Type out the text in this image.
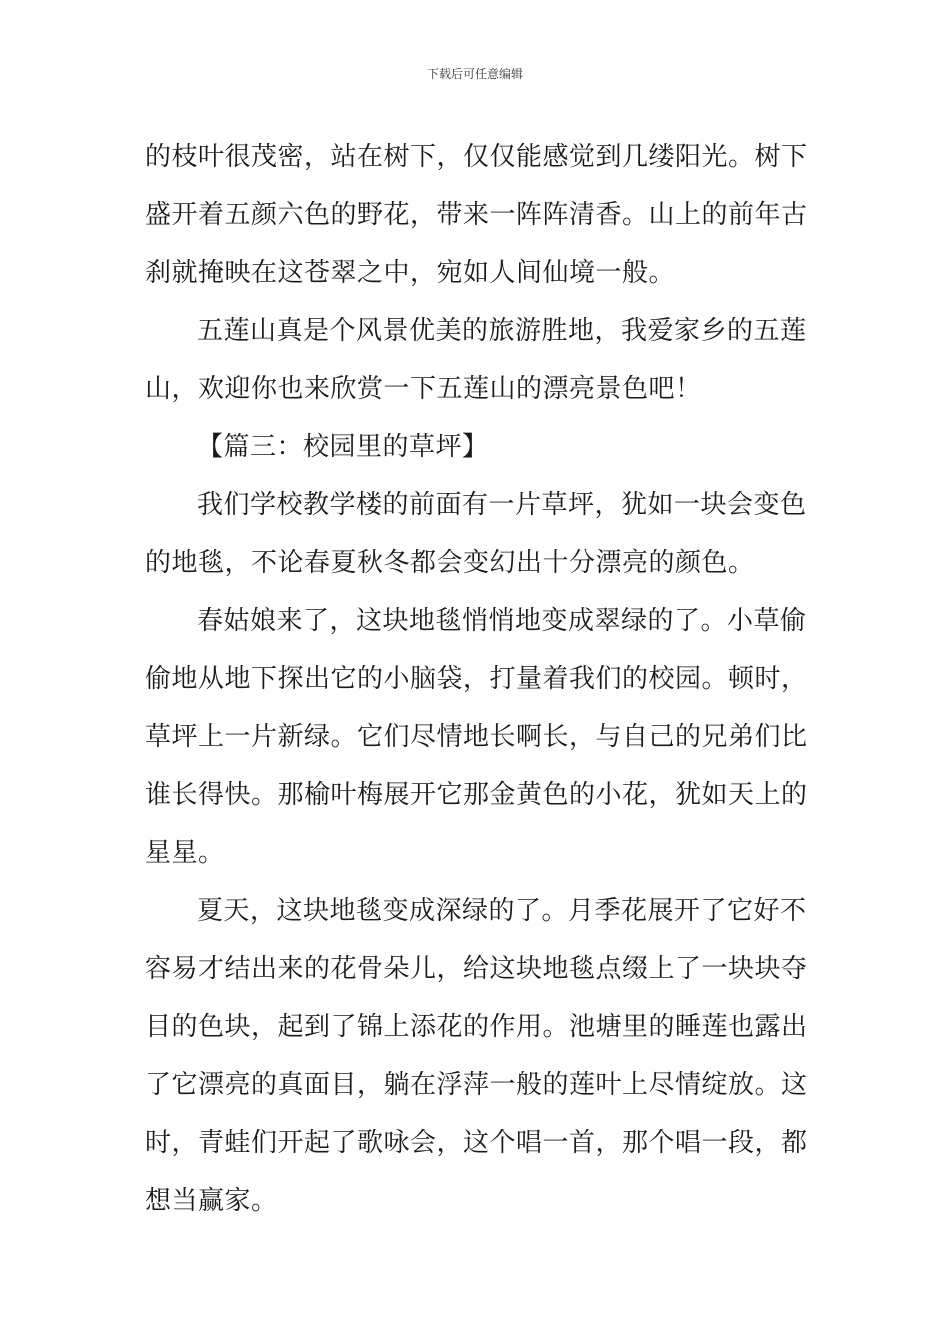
下载后可任意编辑
的枝叶很茂密，站在树下，仅仅能感觉到几缕阳光。树下
盛开着五颜六色的野花，带来一阵阵清香。山上的前年古
刹就掩映在这苍翠之中，宛如人间仙境一般。
五莲山真是个风景优美的旅游胜地，我爱家乡的五莲
山，欢迎你也来欣赏一下五莲山的漂亮景色吧！
【篇三：校园里的草坪】
我们学校教学楼的前面有一片草坪，犹如一块会变色
的地毯，不论春夏秋冬都会变幻出十分漂亮的颜色。
春姑娘来了，这块地毯悄悄地变成翠绿的了。小草偷
偷地从地下探出它的小脑袋，打量着我们的校园。顿时，
草坪上一片新绿。它们尽情地长啊长，与自己的兄弟们比
谁长得快。那榆叶梅展开它那金黄色的小花，犹如天上的
星星。
夏天，这块地毯变成深绿的了。月季花展开了它好不
容易才结出来的花骨朵儿，给这块地毯点缀上了一块块夺
目的色块，起到了锦上添花的作用。池塘里的睡莲也露出
了它漂亮的真面目，躺在浮萍一般的莲叶上尽情绽放。这
时，青蛙们开起了歌咏会，这个唱一首，那个唱一段，都
想当赢家。
